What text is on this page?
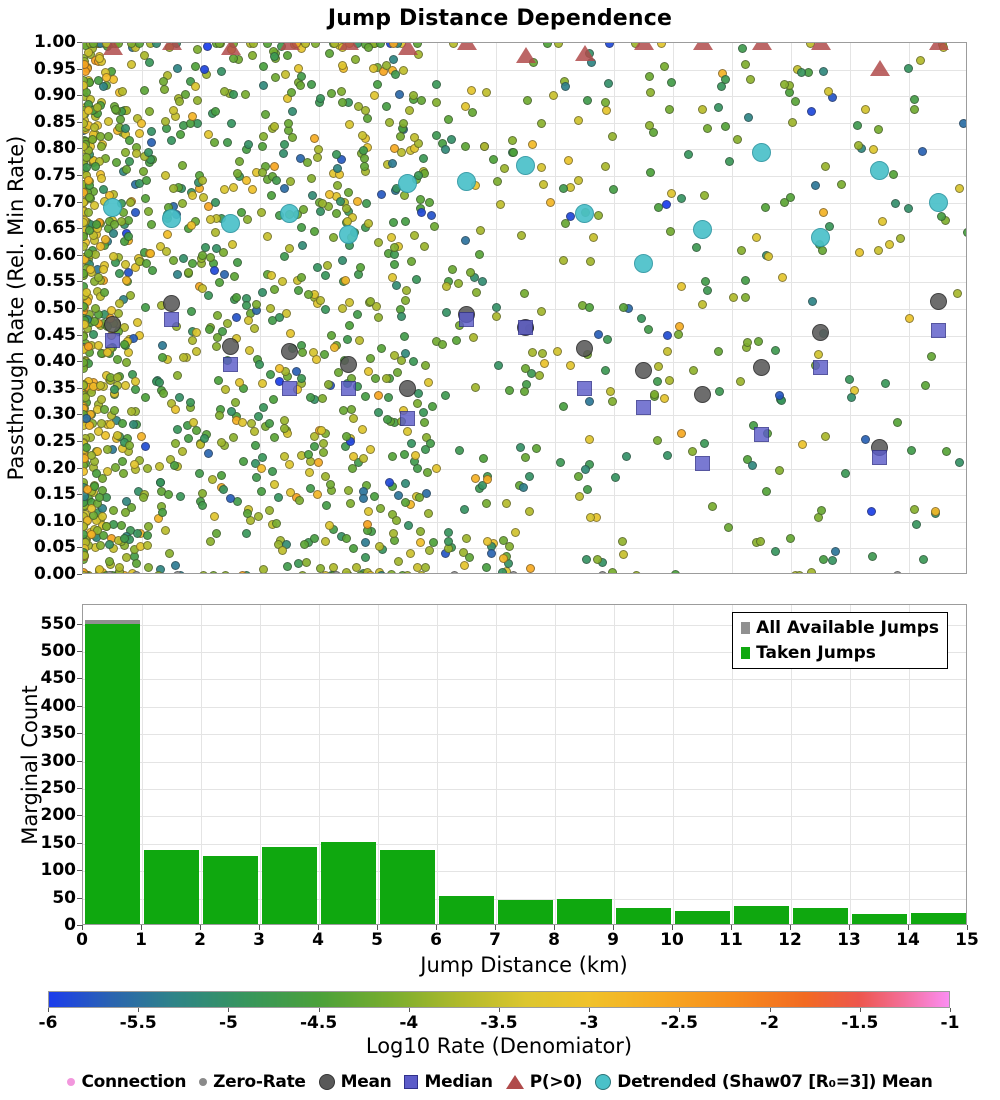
Jump Distance Dependence
Passthrough Rate (Rel. Min Rate)
1.00
0.95
0.90
0.85
0.80
0.75
0.70
0.65
0.60
0.55
0.50
0.45
0.40
0.35
0.30
0.25
0.20
0.15
0.10
0.05
0.00
All Available Jumps
Taken Jumps
Marginal Count
0
50
100
150
200
250
300
350
400
450
500
550
0	1	2	3	4	5	6	7	8	9	10 11 12 13 14 15
Jump Distance (km)
-6	-5.5	-5	-4.5	-4	-3.5	-3	-2.5	-2	-1.5	-1
Log10 Rate (Denomiator)
Connection Zero-Rate Mean Median P(>0) Detrended (Shaw07 [R₀=3]) Mean
